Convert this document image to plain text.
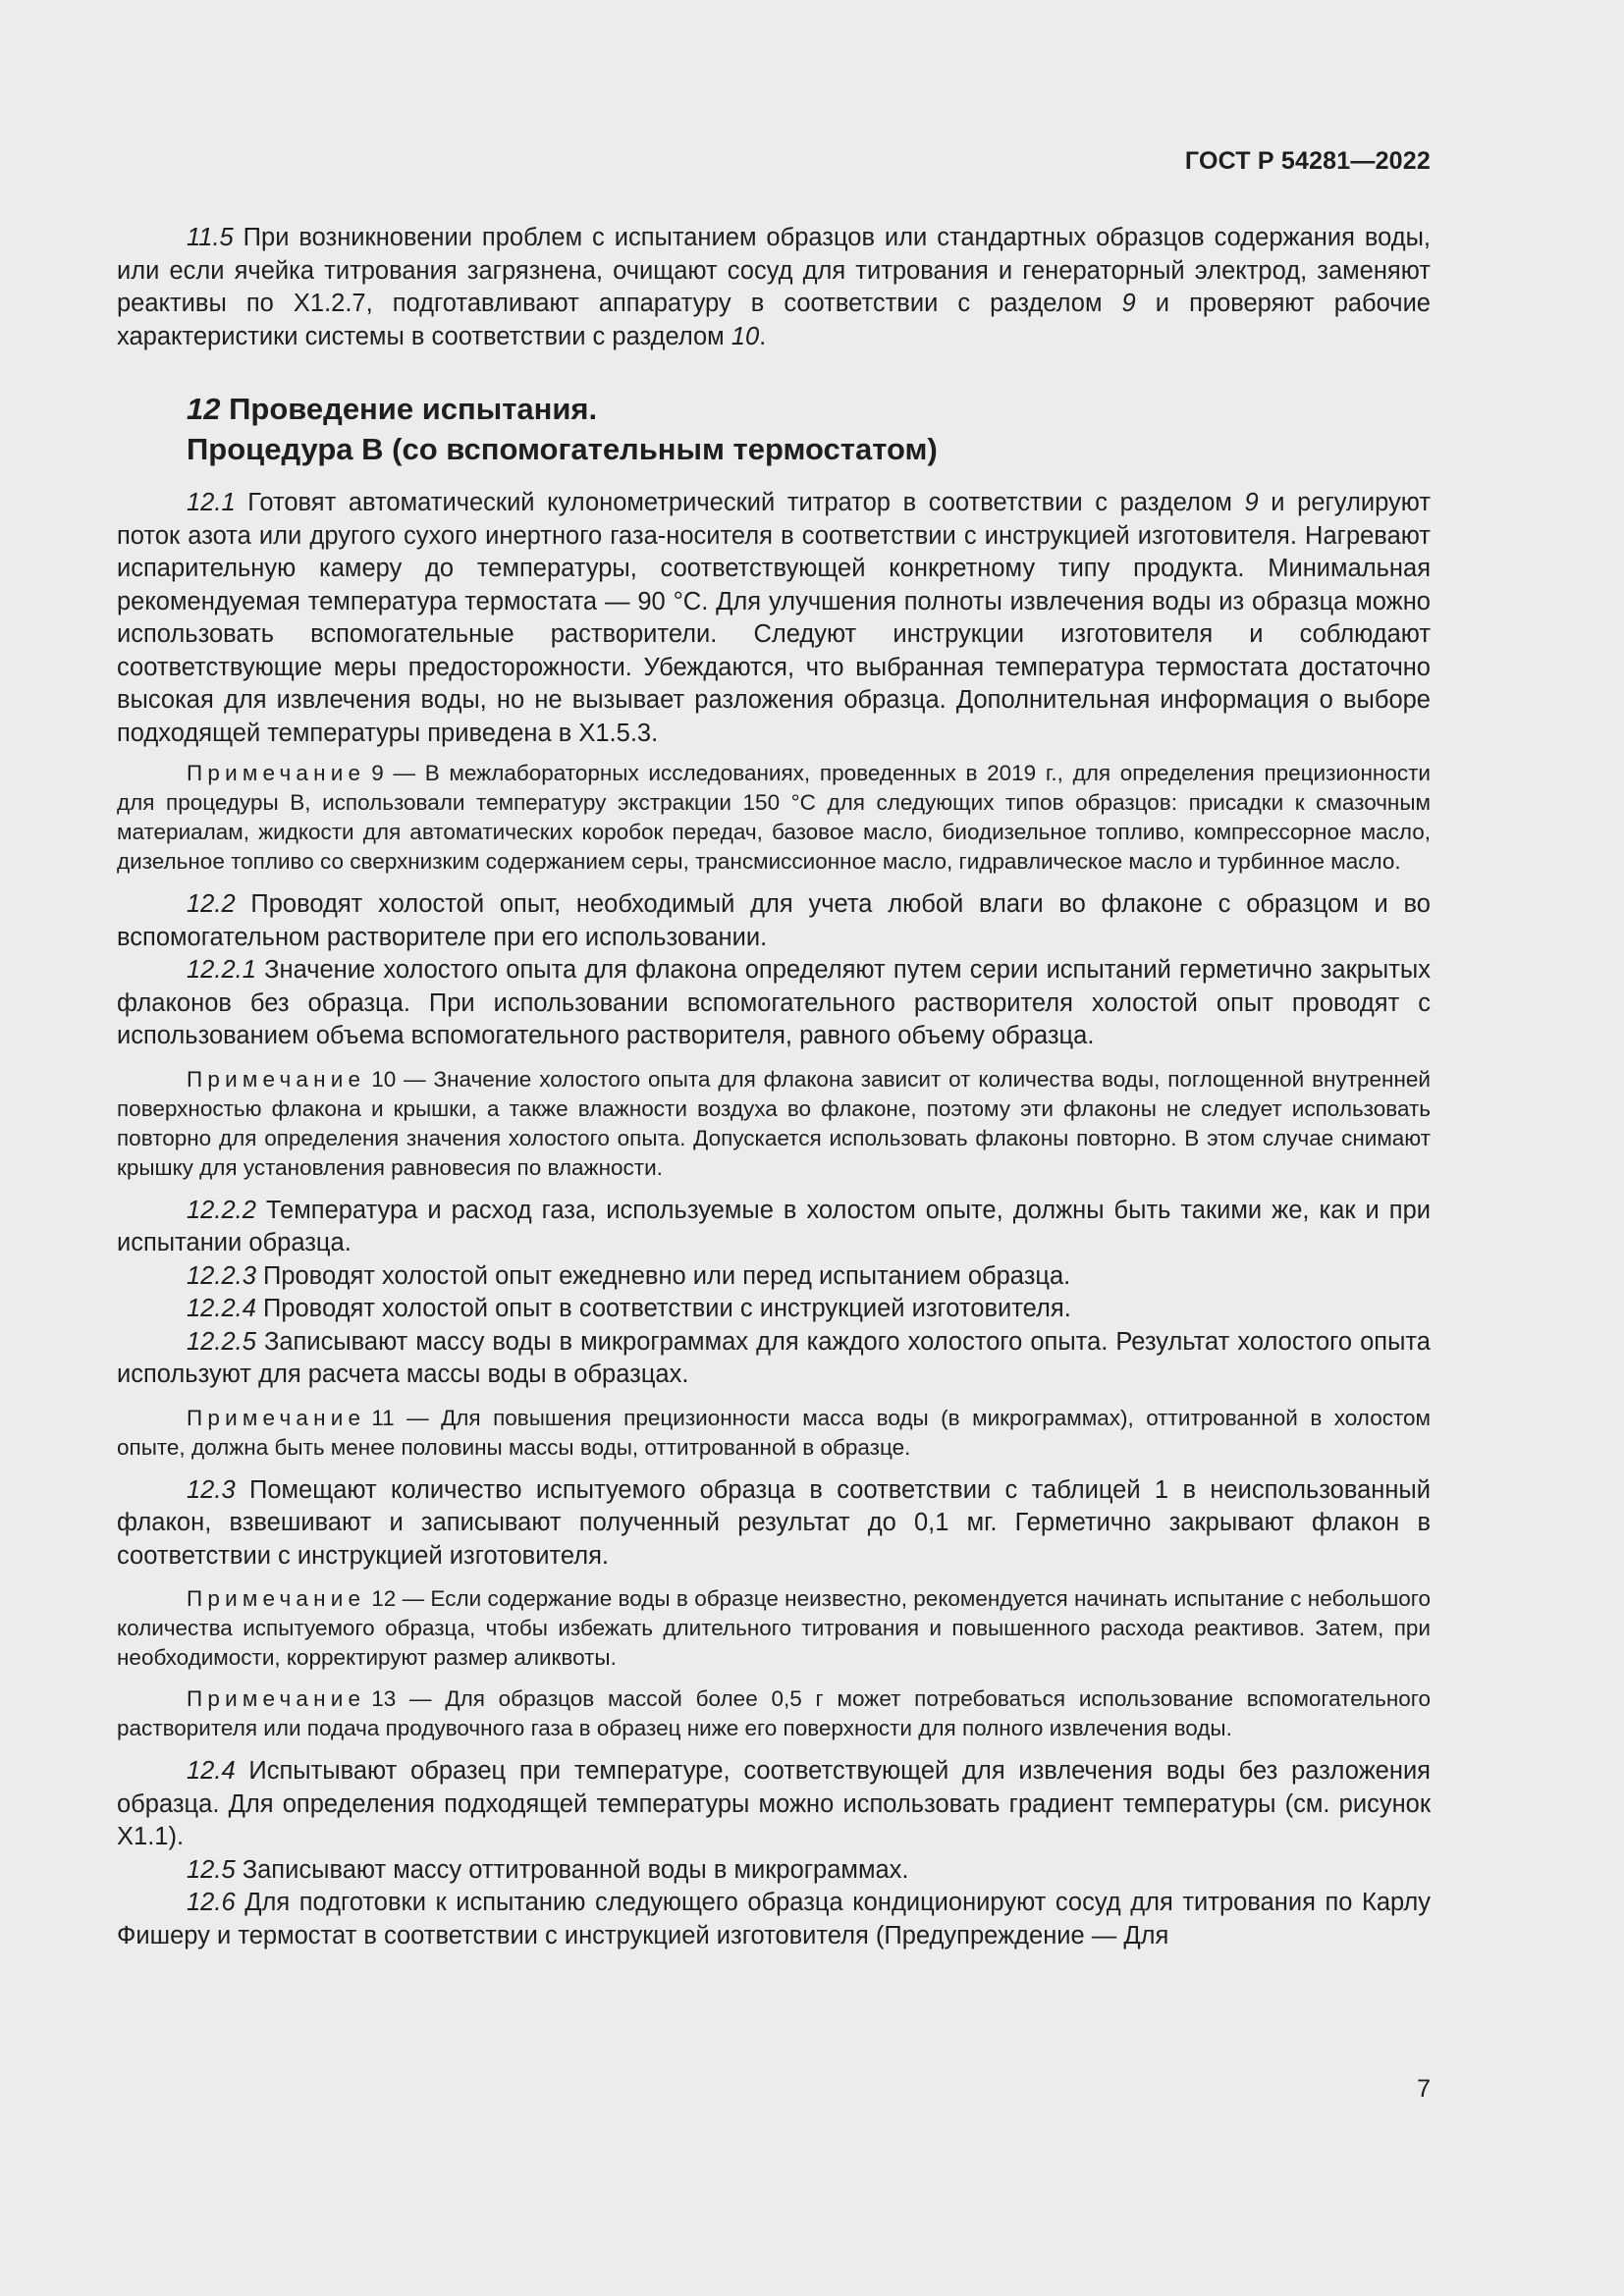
ГОСТ Р 54281—2022

11.5 При возникновении проблем с испытанием образцов или стандартных образцов содержания воды, или если ячейка титрования загрязнена, очищают сосуд для титрования и генераторный электрод, заменяют реактивы по X1.2.7, подготавливают аппаратуру в соответствии с разделом 9 и проверяют рабочие характеристики системы в соответствии с разделом 10.

12 Проведение испытания.
Процедура В (со вспомогательным термостатом)

12.1 Готовят автоматический кулонометрический титратор в соответствии с разделом 9 и регулируют поток азота или другого сухого инертного газа-носителя в соответствии с инструкцией изготовителя. Нагревают испарительную камеру до температуры, соответствующей конкретному типу продукта. Минимальная рекомендуемая температура термостата — 90 °С. Для улучшения полноты извлечения воды из образца можно использовать вспомогательные растворители. Следуют инструкции изготовителя и соблюдают соответствующие меры предосторожности. Убеждаются, что выбранная температура термостата достаточно высокая для извлечения воды, но не вызывает разложения образца. Дополнительная информация о выборе подходящей температуры приведена в X1.5.3.

Примечание 9 — В межлабораторных исследованиях, проведенных в 2019 г., для определения прецизионности для процедуры В, использовали температуру экстракции 150 °С для следующих типов образцов: присадки к смазочным материалам, жидкости для автоматических коробок передач, базовое масло, биодизельное топливо, компрессорное масло, дизельное топливо со сверхнизким содержанием серы, трансмиссионное масло, гидравлическое масло и турбинное масло.

12.2 Проводят холостой опыт, необходимый для учета любой влаги во флаконе с образцом и во вспомогательном растворителе при его использовании.

12.2.1 Значение холостого опыта для флакона определяют путем серии испытаний герметично закрытых флаконов без образца. При использовании вспомогательного растворителя холостой опыт проводят с использованием объема вспомогательного растворителя, равного объему образца.

Примечание 10 — Значение холостого опыта для флакона зависит от количества воды, поглощенной внутренней поверхностью флакона и крышки, а также влажности воздуха во флаконе, поэтому эти флаконы не следует использовать повторно для определения значения холостого опыта. Допускается использовать флаконы повторно. В этом случае снимают крышку для установления равновесия по влажности.

12.2.2 Температура и расход газа, используемые в холостом опыте, должны быть такими же, как и при испытании образца.

12.2.3 Проводят холостой опыт ежедневно или перед испытанием образца.

12.2.4 Проводят холостой опыт в соответствии с инструкцией изготовителя.

12.2.5 Записывают массу воды в микрограммах для каждого холостого опыта. Результат холостого опыта используют для расчета массы воды в образцах.

Примечание 11 — Для повышения прецизионности масса воды (в микрограммах), оттитрованной в холостом опыте, должна быть менее половины массы воды, оттитрованной в образце.

12.3 Помещают количество испытуемого образца в соответствии с таблицей 1 в неиспользованный флакон, взвешивают и записывают полученный результат до 0,1 мг. Герметично закрывают флакон в соответствии с инструкцией изготовителя.

Примечание 12 — Если содержание воды в образце неизвестно, рекомендуется начинать испытание с небольшого количества испытуемого образца, чтобы избежать длительного титрования и повышенного расхода реактивов. Затем, при необходимости, корректируют размер аликвоты.

Примечание 13 — Для образцов массой более 0,5 г может потребоваться использование вспомогательного растворителя или подача продувочного газа в образец ниже его поверхности для полного извлечения воды.

12.4 Испытывают образец при температуре, соответствующей для извлечения воды без разложения образца. Для определения подходящей температуры можно использовать градиент температуры (см. рисунок X1.1).

12.5 Записывают массу оттитрованной воды в микрограммах.

12.6 Для подготовки к испытанию следующего образца кондиционируют сосуд для титрования по Карлу Фишеру и термостат в соответствии с инструкцией изготовителя (Предупреждение — Для

7
